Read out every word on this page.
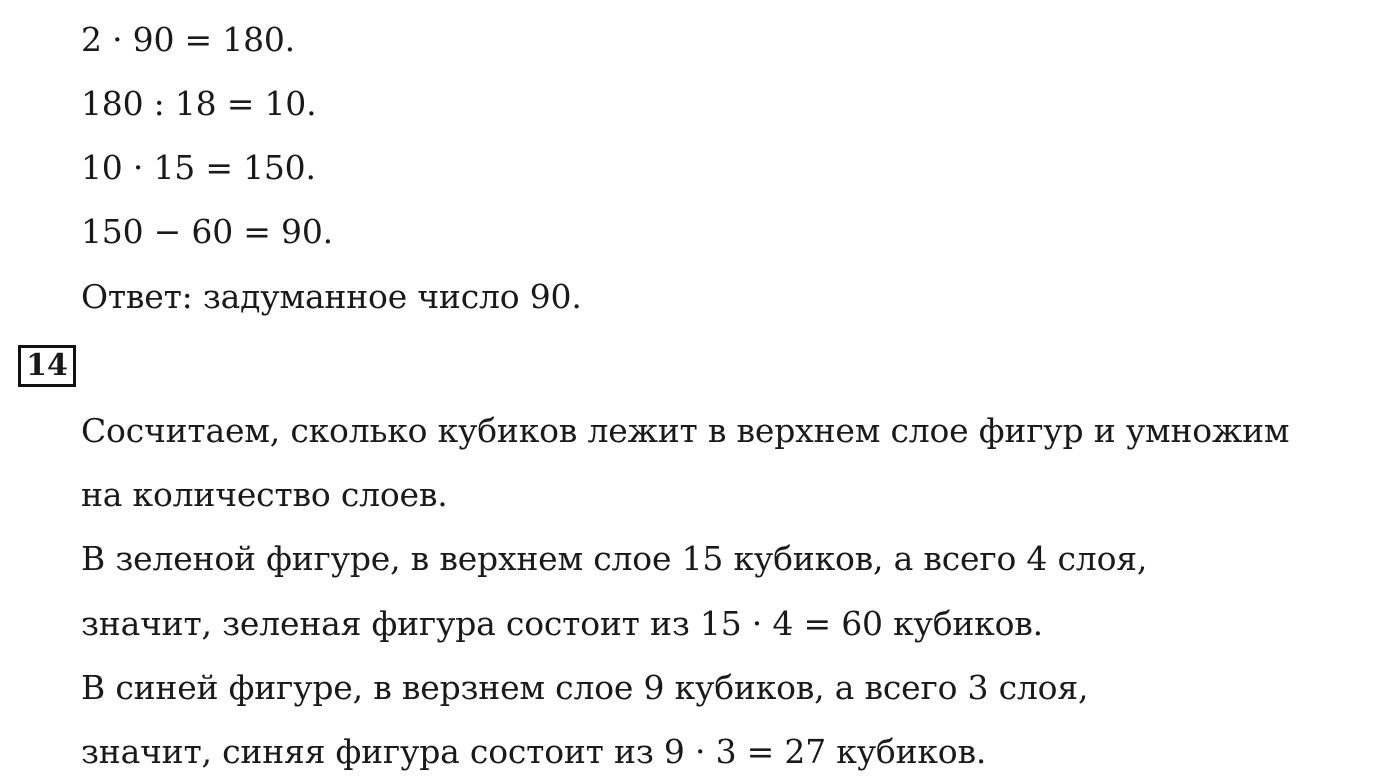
2 · 90 = 180.
180 : 18 = 10.
10 · 15 = 150.
150 − 60 = 90.
Ответ: задуманное число 90.
14
Сосчитаем, сколько кубиков лежит в верхнем слое фигур и умножим
на количество слоев.
В зеленой фигуре, в верхнем слое 15 кубиков, а всего 4 слоя,
значит, зеленая фигура состоит из 15 · 4 = 60 кубиков.
В синей фигуре, в верзнем слое 9 кубиков, а всего 3 слоя,
значит, синяя фигура состоит из 9 · 3 = 27 кубиков.
